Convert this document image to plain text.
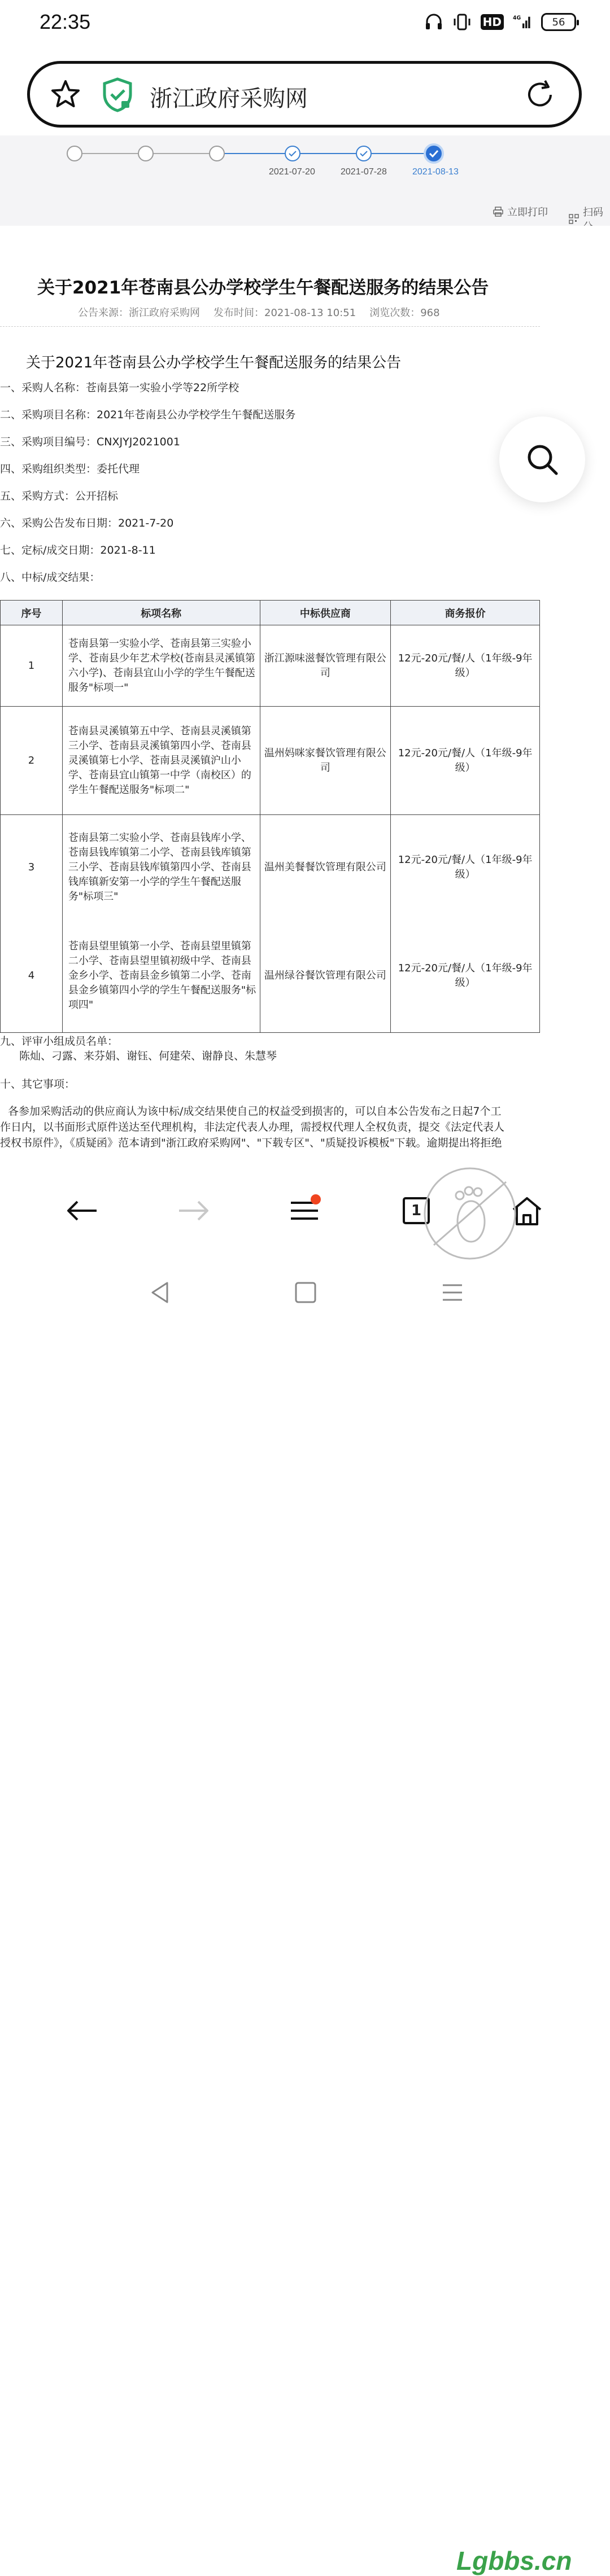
22:35	HD	4G	56
浙江政府采购网
2021-07-20	2021-07-28	2021-08-13
立即打印	扫码
关于2021年苍南县公办学校学生午餐配送服务的结果公告
公告来源：浙江政府采购网 发布时间：2021-08-13 10:51 浏览次数：968
关于2021年苍南县公办学校学生午餐配送服务的结果公告
一、采购人名称：苍南县第一实验小学等22所学校
二、采购项目名称：2021年苍南县公办学校学生午餐配送服务
三、采购项目编号：CNXJYJ2021001
四、采购组织类型：委托代理
五、采购方式：公开招标
六、采购公告发布日期：2021-7-20
七、定标/成交日期：2021-8-11
八、中标/成交结果：
序号	标项名称	中标供应商	商务报价
1	苍南县第一实验小学、苍南县第三实验小学、苍南县少年艺术学校(苍南县灵溪镇第六小学)、苍南县宜山小学的学生午餐配送服务"标项一"	浙江源味滋餐饮管理有限公司	12元-20元/餐/人（1年级-9年级）
2	苍南县灵溪镇第五中学、苍南县灵溪镇第三小学、苍南县灵溪镇第四小学、苍南县灵溪镇第七小学、苍南县灵溪镇沪山小学、苍南县宜山镇第一中学（南校区）的学生午餐配送服务"标项二"	温州妈咪家餐饮管理有限公司	12元-20元/餐/人（1年级-9年级）
3	苍南县第二实验小学、苍南县钱库小学、苍南县钱库镇第二小学、苍南县钱库镇第三小学、苍南县钱库镇第四小学、苍南县钱库镇新安第一小学的学生午餐配送服务"标项三"	温州美餐餐饮管理有限公司	12元-20元/餐/人（1年级-9年级）
4	苍南县望里镇第一小学、苍南县望里镇第二小学、苍南县望里镇初级中学、苍南县金乡小学、苍南县金乡镇第二小学、苍南县金乡镇第四小学的学生午餐配送服务"标项四"	温州绿谷餐饮管理有限公司	12元-20元/餐/人（1年级-9年级）
九、评审小组成员名单：
陈灿、刁露、来芬娟、谢钰、何建荣、谢静良、朱慧琴
十、其它事项：
各参加采购活动的供应商认为该中标/成交结果使自己的权益受到损害的，可以自本公告发布之日起7个工
作日内，以书面形式原件送达至代理机构，非法定代表人办理，需授权代理人全权负责，提交《法定代表人
授权书原件》，《质疑函》范本请到"浙江政府采购网"、"下载专区"、"质疑投诉模板"下载。逾期提出将拒绝
1
Lgbbs.cn
